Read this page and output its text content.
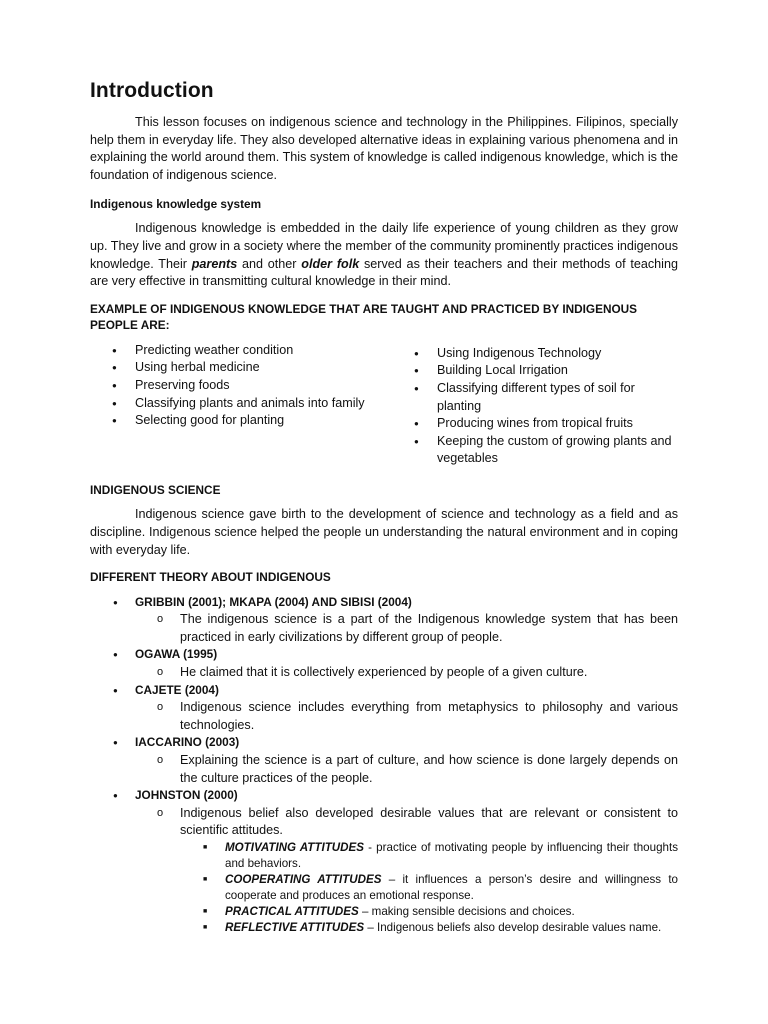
Introduction

This lesson focuses on indigenous science and technology in the Philippines. Filipinos, specially help them in everyday life. They also developed alternative ideas in explaining various phenomena and in explaining the world around them. This system of knowledge is called indigenous knowledge, which is the foundation of indigenous science.

Indigenous knowledge system

Indigenous knowledge is embedded in the daily life experience of young children as they grow up. They live and grow in a society where the member of the community prominently practices indigenous knowledge. Their parents and other older folk served as their teachers and their methods of teaching are very effective in transmitting cultural knowledge in their mind.

EXAMPLE OF INDIGENOUS KNOWLEDGE THAT ARE TAUGHT AND PRACTICED BY INDIGENOUS PEOPLE ARE:
● Predicting weather condition
● Using herbal medicine
● Preserving foods
● Classifying plants and animals into family
● Selecting good for planting
● Using Indigenous Technology
● Building Local Irrigation
● Classifying different types of soil for planting
● Producing wines from tropical fruits
● Keeping the custom of growing plants and vegetables
INDIGENOUS SCIENCE

Indigenous science gave birth to the development of science and technology as a field and as discipline. Indigenous science helped the people un understanding the natural environment and in coping with everyday life.

DIFFERENT THEORY ABOUT INDIGENOUS
● GRIBBIN (2001); MKAPA (2004) AND SIBISI (2004)
o The indigenous science is a part of the Indigenous knowledge system that has been practiced in early civilizations by different group of people.
● OGAWA (1995)
o He claimed that it is collectively experienced by people of a given culture.
● CAJETE (2004)
o Indigenous science includes everything from metaphysics to philosophy and various technologies.
● IACCARINO (2003)
o Explaining the science is a part of culture, and how science is done largely depends on the culture practices of the people.
● JOHNSTON (2000)
o Indigenous belief also developed desirable values that are relevant or consistent to scientific attitudes.
■ MOTIVATING ATTITUDES - practice of motivating people by influencing their thoughts and behaviors.
■ COOPERATING ATTITUDES – it influences a person’s desire and willingness to cooperate and produces an emotional response.
■ PRACTICAL ATTITUDES – making sensible decisions and choices.
■ REFLECTIVE ATTITUDES – Indigenous beliefs also develop desirable values name.
